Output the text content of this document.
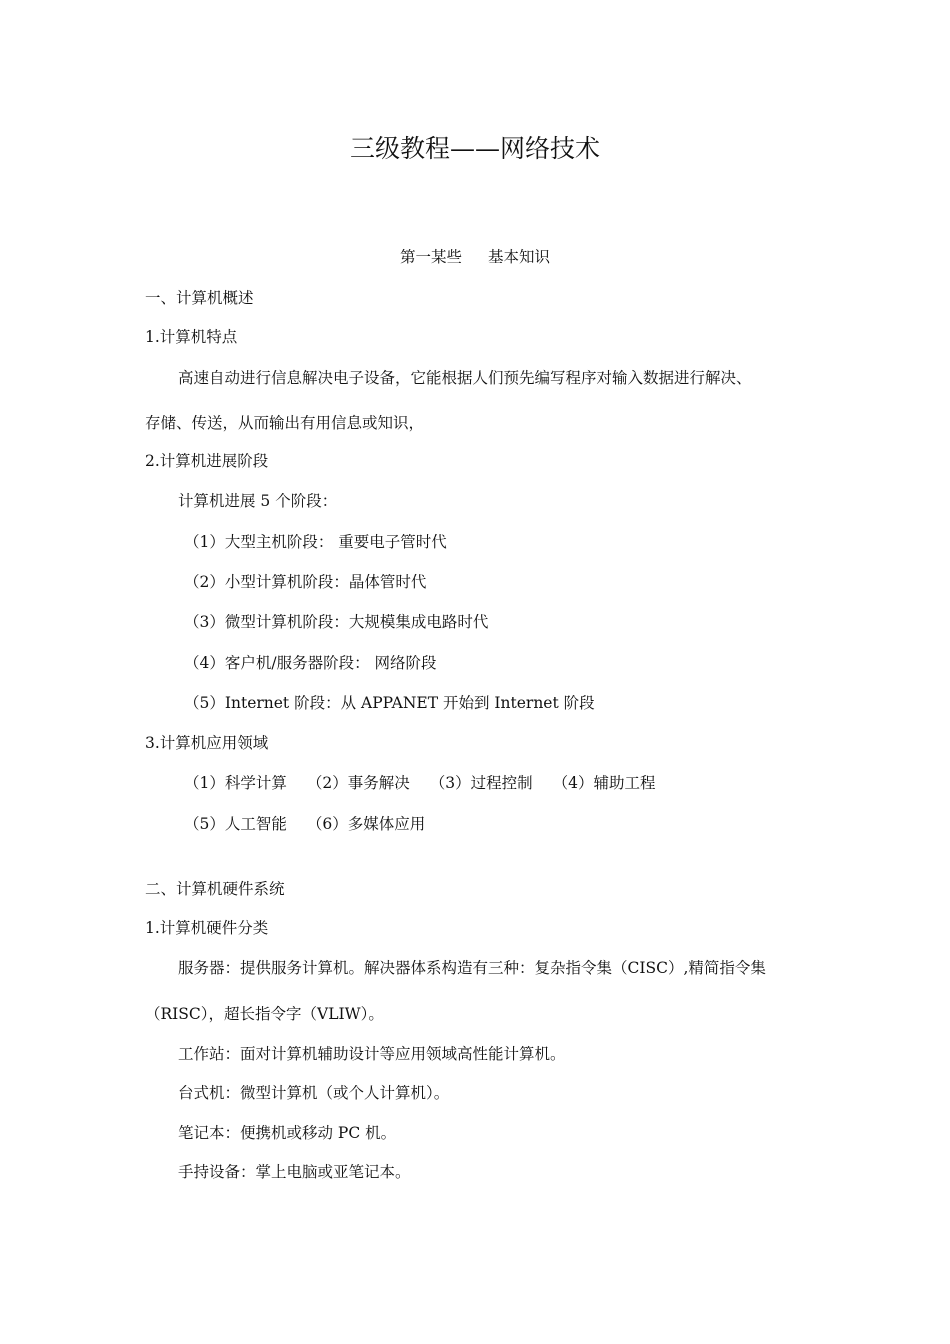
三级教程——网络技术
第一某些 基本知识
一、计算机概述
1.计算机特点
高速自动进行信息解决电子设备，它能根据人们预先编写程序对输入数据进行解决、
存储、传送，从而输出有用信息或知识，
2.计算机进展阶段
计算机进展 5 个阶段：
（1）大型主机阶段： 重要电子管时代
（2）小型计算机阶段：晶体管时代
（3）微型计算机阶段：大规模集成电路时代
（4）客户机/服务器阶段： 网络阶段
（5）Internet 阶段：从 APPANET 开始到 Internet 阶段
3.计算机应用领域
（1）科学计算 （2）事务解决 （3）过程控制 （4）辅助工程
（5）人工智能 （6）多媒体应用
二、计算机硬件系统
1.计算机硬件分类
服务器：提供服务计算机。解决器体系构造有三种：复杂指令集（CISC）,精简指令集
（RISC），超长指令字（VLIW）。
工作站：面对计算机辅助设计等应用领域高性能计算机。
台式机：微型计算机（或个人计算机）。
笔记本：便携机或移动 PC 机。
手持设备：掌上电脑或亚笔记本。
